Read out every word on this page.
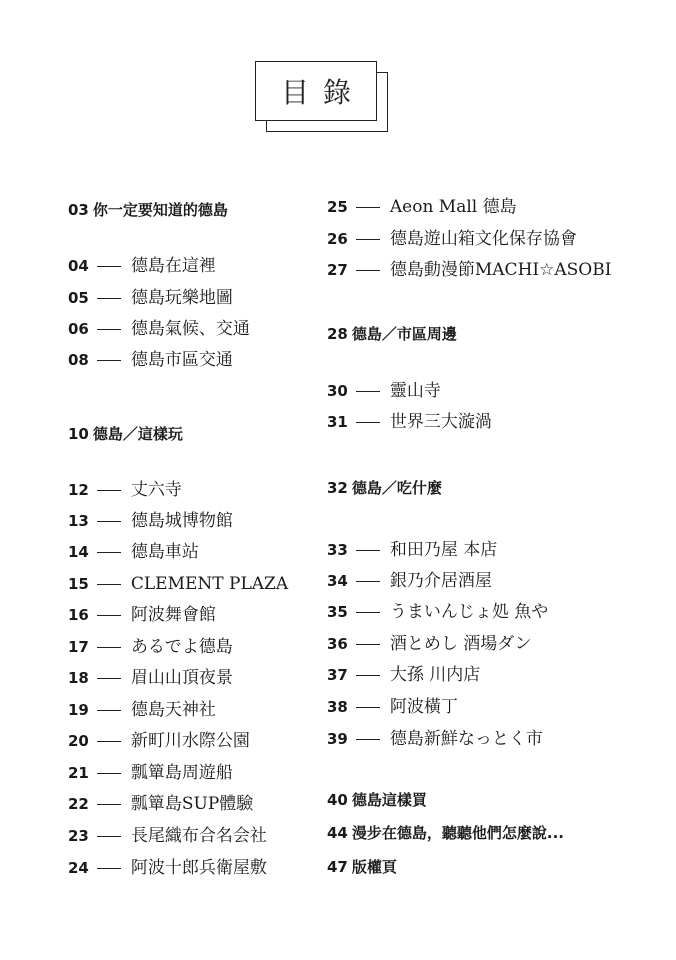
目錄
03 你一定要知道的德島
04 德島在這裡
05 德島玩樂地圖
06 德島氣候、交通
08 德島市區交通
10 德島／這樣玩
12 丈六寺
13 德島城博物館
14 德島車站
15 CLEMENT PLAZA
16 阿波舞會館
17 あるでよ德島
18 眉山山頂夜景
19 德島天神社
20 新町川水際公園
21 瓢簞島周遊船
22 瓢簞島SUP體驗
23 長尾織布合名会社
24 阿波十郎兵衛屋敷
25 Aeon Mall 德島
26 德島遊山箱文化保存協會
27 德島動漫節MACHI☆ASOBI
28 德島／市區周邊
30 靈山寺
31 世界三大漩渦
32 德島／吃什麼
33 和田乃屋 本店
34 銀乃介居酒屋
35 うまいんじょ処 魚や
36 酒とめし 酒場ダン
37 大孫 川内店
38 阿波橫丁
39 德島新鮮なっとく市
40 德島這樣買
44 漫步在德島，聽聽他們怎麼說...
47 版權頁
